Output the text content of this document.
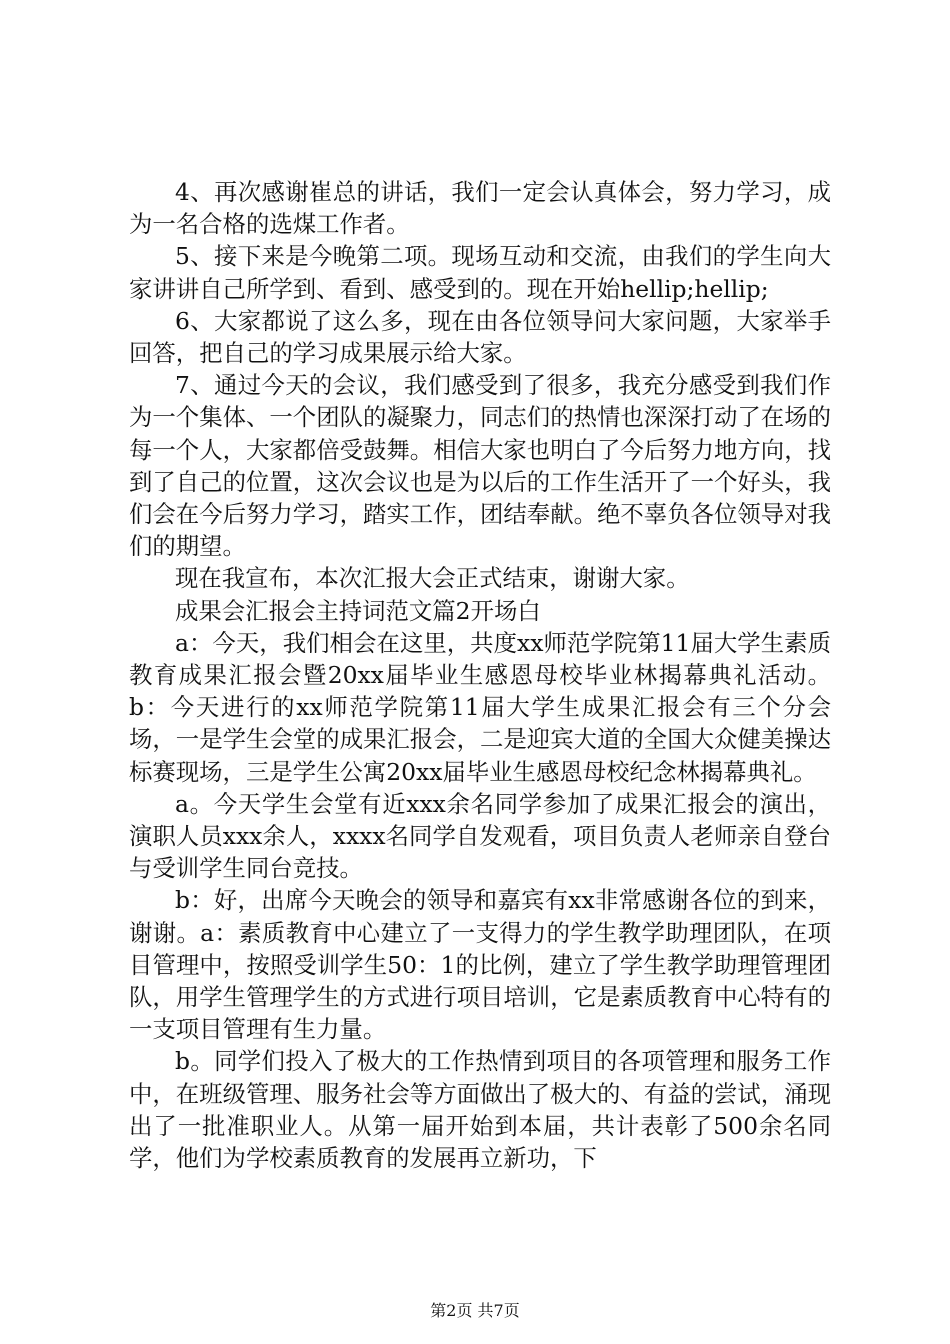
4、再次感谢崔总的讲话，我们一定会认真体会，努力学习，成为一名合格的选煤工作者。

5、接下来是今晚第二项。现场互动和交流，由我们的学生向大家讲讲自己所学到、看到、感受到的。现在开始hellip;hellip;

6、大家都说了这么多，现在由各位领导问大家问题，大家举手回答，把自己的学习成果展示给大家。

7、通过今天的会议，我们感受到了很多，我充分感受到我们作为一个集体、一个团队的凝聚力，同志们的热情也深深打动了在场的每一个人，大家都倍受鼓舞。相信大家也明白了今后努力地方向，找到了自己的位置，这次会议也是为以后的工作生活开了一个好头，我们会在今后努力学习，踏实工作，团结奉献。绝不辜负各位领导对我们的期望。

现在我宣布，本次汇报大会正式结束，谢谢大家。

成果会汇报会主持词范文篇2开场白

a：今天，我们相会在这里，共度xx师范学院第11届大学生素质教育成果汇报会暨20xx届毕业生感恩母校毕业林揭幕典礼活动。b：今天进行的xx师范学院第11届大学生成果汇报会有三个分会场，一是学生会堂的成果汇报会，二是迎宾大道的全国大众健美操达标赛现场，三是学生公寓20xx届毕业生感恩母校纪念林揭幕典礼。

a。今天学生会堂有近xxx余名同学参加了成果汇报会的演出，演职人员xxx余人，xxxx名同学自发观看，项目负责人老师亲自登台与受训学生同台竞技。

b：好，出席今天晚会的领导和嘉宾有xx非常感谢各位的到来，谢谢。a：素质教育中心建立了一支得力的学生教学助理团队，在项目管理中，按照受训学生50：1的比例，建立了学生教学助理管理团队，用学生管理学生的方式进行项目培训，它是素质教育中心特有的一支项目管理有生力量。

b。同学们投入了极大的工作热情到项目的各项管理和服务工作中，在班级管理、服务社会等方面做出了极大的、有益的尝试，涌现出了一批准职业人。从第一届开始到本届，共计表彰了500余名同学，他们为学校素质教育的发展再立新功，下

第2页 共7页
